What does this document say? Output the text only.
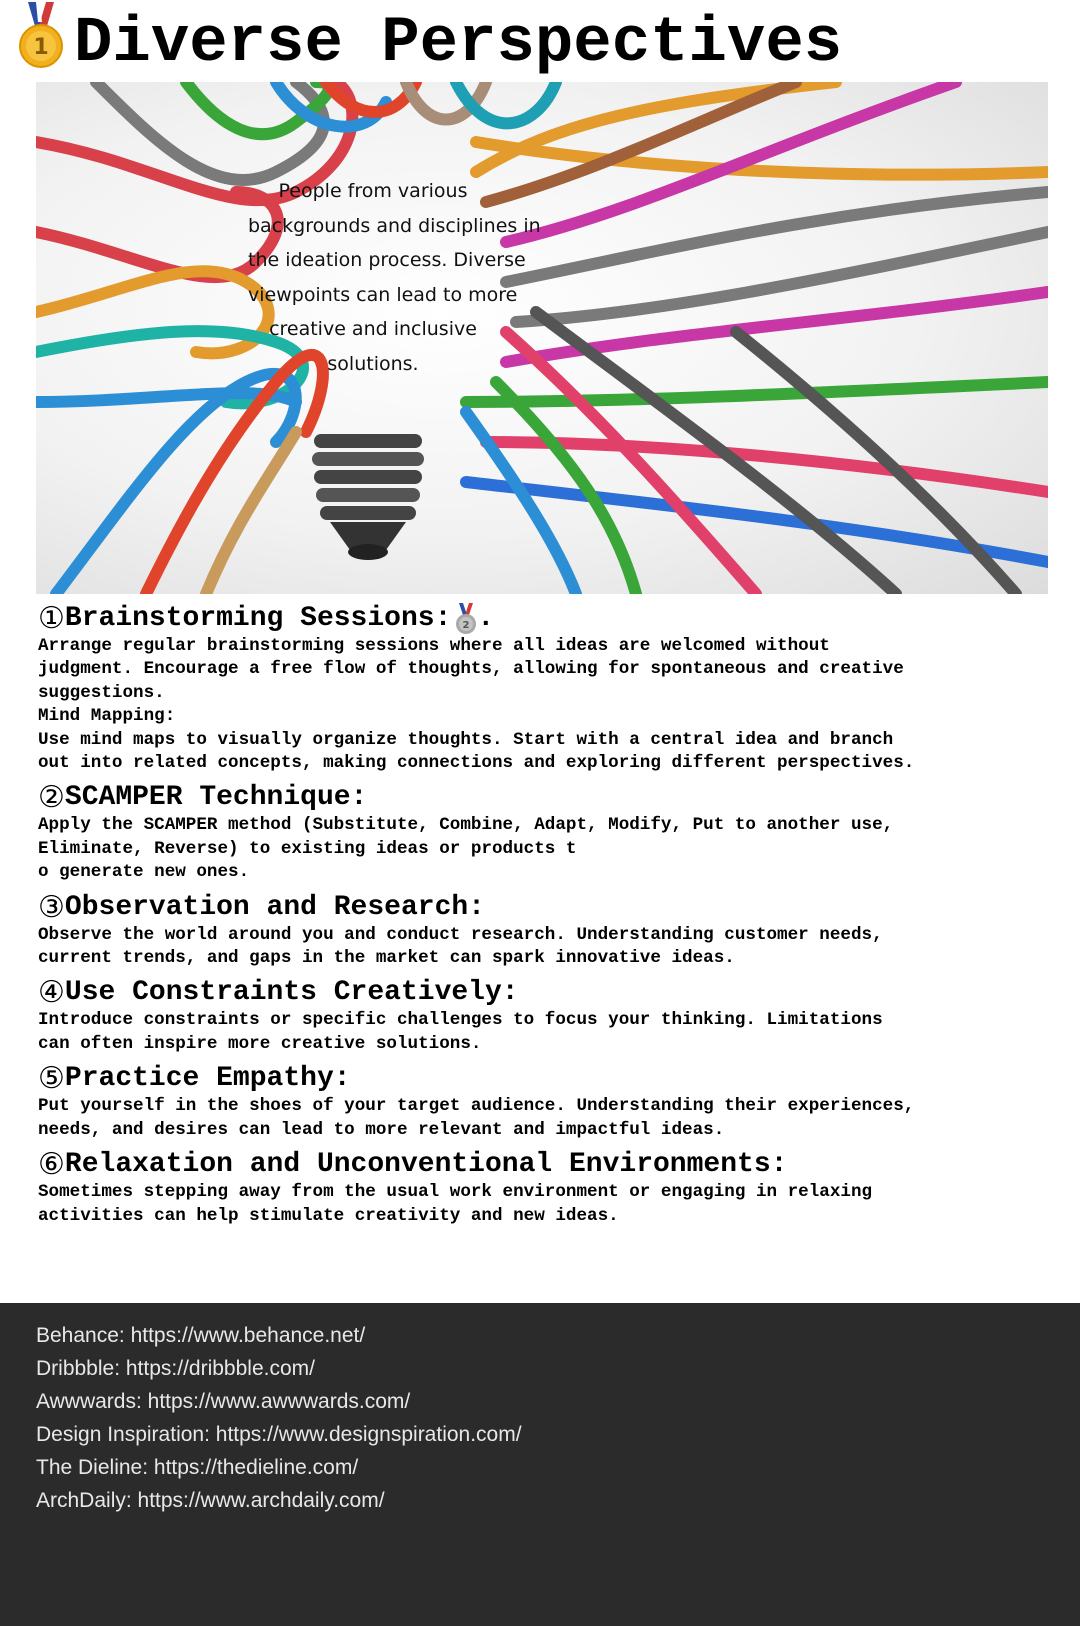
1 Diverse Perspectives
People from various
backgrounds and disciplines in
the ideation process. Diverse
viewpoints can lead to more
creative and inclusive
solutions.
① Brainstorming Sessions: 2 .

Arrange regular brainstorming sessions where all ideas are welcomed without
judgment. Encourage a free flow of thoughts, allowing for spontaneous and creative
suggestions.
Mind Mapping:
Use mind maps to visually organize thoughts. Start with a central idea and branch
out into related concepts, making connections and exploring different perspectives.

② SCAMPER Technique:

Apply the SCAMPER method (Substitute, Combine, Adapt, Modify, Put to another use,
Eliminate, Reverse) to existing ideas or products t
o generate new ones.

③ Observation and Research:

Observe the world around you and conduct research. Understanding customer needs,
current trends, and gaps in the market can spark innovative ideas.

④ Use Constraints Creatively:

Introduce constraints or specific challenges to focus your thinking. Limitations
can often inspire more creative solutions.

⑤ Practice Empathy:

Put yourself in the shoes of your target audience. Understanding their experiences,
needs, and desires can lead to more relevant and impactful ideas.

⑥ Relaxation and Unconventional Environments:

Sometimes stepping away from the usual work environment or engaging in relaxing
activities can help stimulate creativity and new ideas.

Behance: https://www.behance.net/
Dribbble: https://dribbble.com/
Awwwards: https://www.awwwards.com/
Design Inspiration: https://www.designspiration.com/
The Dieline: https://thedieline.com/
ArchDaily: https://www.archdaily.com/
